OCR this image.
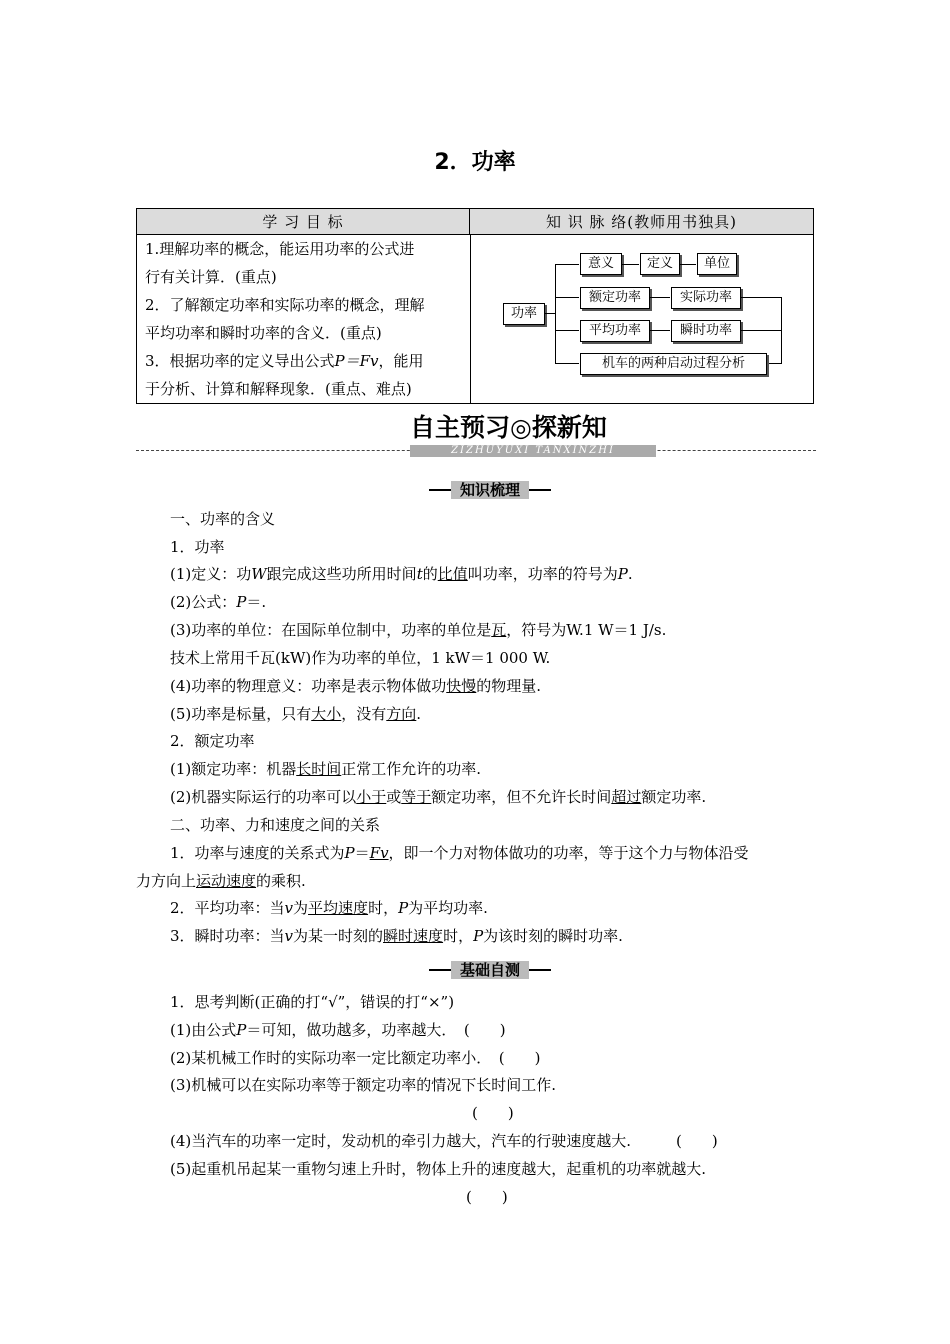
2．功率
学 习 目 标	知 识 脉 络(教师用书独具)
1.理解功率的概念，能运用功率的公式进
行有关计算．(重点)
2．了解额定功率和实际功率的概念，理解
平均功率和瞬时功率的含义．(重点)
3．根据功率的定义导出公式P＝Fv，能用
于分析、计算和解释现象．(重点、难点)
功率
意义	定义	单位
额定功率	实际功率
平均功率	瞬时功率
机车的两种启动过程分析
自主预习◎探新知
ZIZHUYUXI TANXINZHI
知识梳理
一、功率的含义
1．功率
(1)定义：功W跟完成这些功所用时间t的比值叫功率，功率的符号为P.
(2)公式：P＝.
(3)功率的单位：在国际单位制中，功率的单位是瓦，符号为W.1 W＝1 J/s.
技术上常用千瓦(kW)作为功率的单位，1 kW＝1 000 W.
(4)功率的物理意义：功率是表示物体做功快慢的物理量.
(5)功率是标量，只有大小，没有方向.
2．额定功率
(1)额定功率：机器长时间正常工作允许的功率.
(2)机器实际运行的功率可以小于或等于额定功率，但不允许长时间超过额定功率.
二、功率、力和速度之间的关系
1．功率与速度的关系式为P＝Fv，即一个力对物体做功的功率，等于这个力与物体沿受
力方向上运动速度的乘积.
2．平均功率：当v为平均速度时，P为平均功率.
3．瞬时功率：当v为某一时刻的瞬时速度时，P为该时刻的瞬时功率.
基础自测
1．思考判断(正确的打“√”，错误的打“×”)
(1)由公式P＝可知，做功越多，功率越大．　(　　)
(2)某机械工作时的实际功率一定比额定功率小．　(　　)
(3)机械可以在实际功率等于额定功率的情况下长时间工作.
(　　)
(4)当汽车的功率一定时，发动机的牵引力越大，汽车的行驶速度越大.　　　(　　)
(5)起重机吊起某一重物匀速上升时，物体上升的速度越大，起重机的功率就越大.
(　　)
